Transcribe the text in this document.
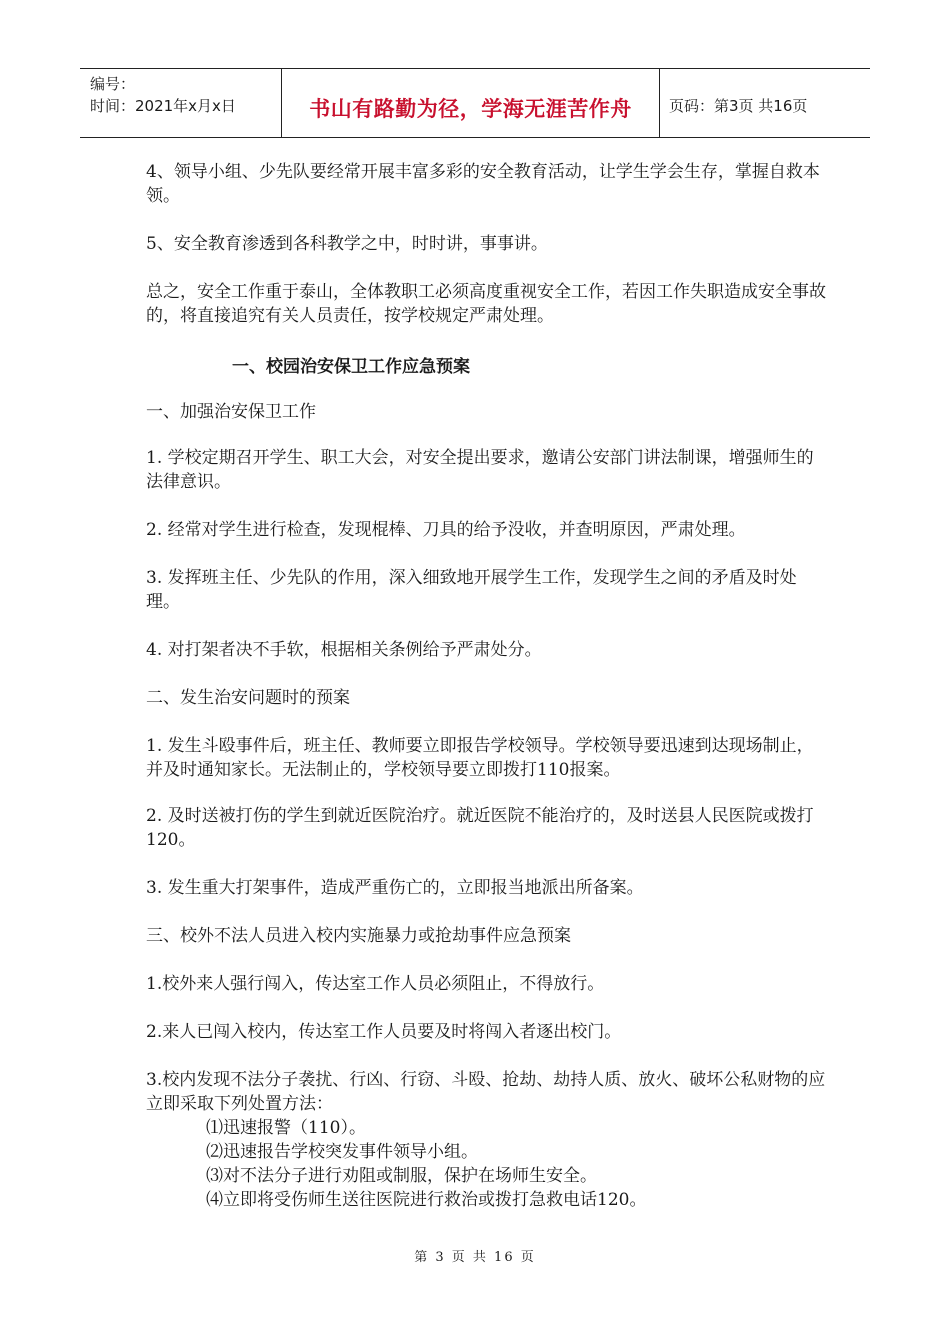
编号：
时间：2021年x月x日	书山有路勤为径，学海无涯苦作舟	页码：第3页 共16页

4、领导小组、少先队要经常开展丰富多彩的安全教育活动，让学生学会生存，掌握自救本领。

5、安全教育渗透到各科教学之中，时时讲，事事讲。

总之，安全工作重于泰山，全体教职工必须高度重视安全工作，若因工作失职造成安全事故的，将直接追究有关人员责任，按学校规定严肃处理。

一、校园治安保卫工作应急预案

一、加强治安保卫工作

1. 学校定期召开学生、职工大会，对安全提出要求，邀请公安部门讲法制课，增强师生的法律意识。

2. 经常对学生进行检查，发现棍棒、刀具的给予没收，并查明原因，严肃处理。

3. 发挥班主任、少先队的作用，深入细致地开展学生工作，发现学生之间的矛盾及时处理。

4. 对打架者决不手软，根据相关条例给予严肃处分。

二、发生治安问题时的预案

1. 发生斗殴事件后，班主任、教师要立即报告学校领导。学校领导要迅速到达现场制止，并及时通知家长。无法制止的，学校领导要立即拨打110报案。

2. 及时送被打伤的学生到就近医院治疗。就近医院不能治疗的，及时送县人民医院或拨打120。

3. 发生重大打架事件，造成严重伤亡的，立即报当地派出所备案。

三、校外不法人员进入校内实施暴力或抢劫事件应急预案

1.校外来人强行闯入，传达室工作人员必须阻止，不得放行。

2.来人已闯入校内，传达室工作人员要及时将闯入者逐出校门。

3.校内发现不法分子袭扰、行凶、行窃、斗殴、抢劫、劫持人质、放火、破坏公私财物的应立即采取下列处置方法：

⑴迅速报警（110）。

⑵迅速报告学校突发事件领导小组。

⑶对不法分子进行劝阻或制服，保护在场师生安全。

⑷立即将受伤师生送往医院进行救治或拨打急救电话120。

第 3 页 共 16 页
